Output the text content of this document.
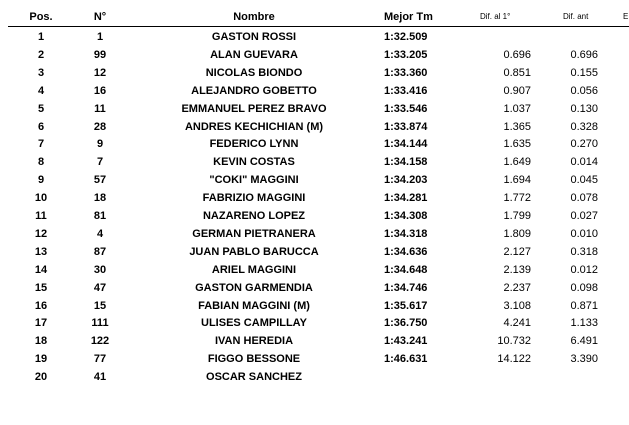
Pos.	N°	Nombre	Mejor Tm	Dif. al 1°	Dif. ant	E
1	1	GASTON ROSSI	1:32.509
2	99	ALAN GUEVARA	1:33.205	0.696	0.696
3	12	NICOLAS BIONDO	1:33.360	0.851	0.155
4	16	ALEJANDRO GOBETTO	1:33.416	0.907	0.056
5	11	EMMANUEL PEREZ BRAVO	1:33.546	1.037	0.130
6	28	ANDRES KECHICHIAN (M)	1:33.874	1.365	0.328
7	9	FEDERICO LYNN	1:34.144	1.635	0.270
8	7	KEVIN COSTAS	1:34.158	1.649	0.014
9	57	"COKI" MAGGINI	1:34.203	1.694	0.045
10	18	FABRIZIO MAGGINI	1:34.281	1.772	0.078
11	81	NAZARENO LOPEZ	1:34.308	1.799	0.027
12	4	GERMAN PIETRANERA	1:34.318	1.809	0.010
13	87	JUAN PABLO BARUCCA	1:34.636	2.127	0.318
14	30	ARIEL MAGGINI	1:34.648	2.139	0.012
15	47	GASTON GARMENDIA	1:34.746	2.237	0.098
16	15	FABIAN MAGGINI (M)	1:35.617	3.108	0.871
17	111	ULISES CAMPILLAY	1:36.750	4.241	1.133
18	122	IVAN HEREDIA	1:43.241	10.732	6.491
19	77	FIGGO BESSONE	1:46.631	14.122	3.390
20	41	OSCAR SANCHEZ
